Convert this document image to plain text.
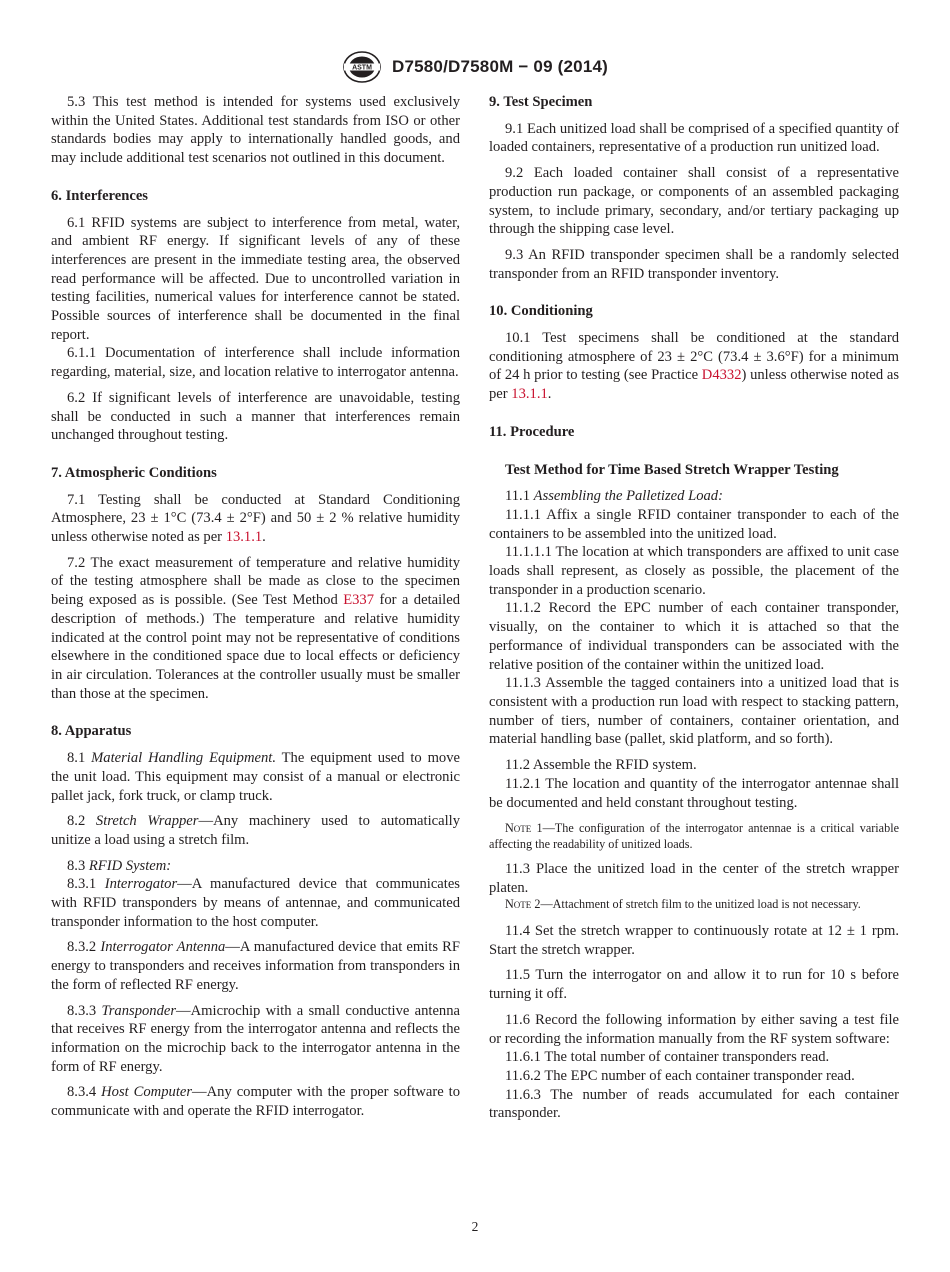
ASTM D7580/D7580M − 09 (2014)

5.3 This test method is intended for systems used exclusively within the United States. Additional test standards from ISO or other standards bodies may apply to internationally handled goods, and may include additional test scenarios not outlined in this document.

6. Interferences

6.1 RFID systems are subject to interference from metal, water, and ambient RF energy. If significant levels of any of these interferences are present in the immediate testing area, the observed read performance will be affected. Due to uncontrolled variation in testing facilities, numerical values for interference cannot be stated. Possible sources of interference shall be documented in the final report.

6.1.1 Documentation of interference shall include information regarding, material, size, and location relative to interrogator antenna.

6.2 If significant levels of interference are unavoidable, testing shall be conducted in such a manner that interferences remain unchanged throughout testing.

7. Atmospheric Conditions

7.1 Testing shall be conducted at Standard Conditioning Atmosphere, 23 ± 1°C (73.4 ± 2°F) and 50 ± 2 % relative humidity unless otherwise noted as per 13.1.1.

7.2 The exact measurement of temperature and relative humidity of the testing atmosphere shall be made as close to the specimen being exposed as is possible. (See Test Method E337 for a detailed description of methods.) The temperature and relative humidity indicated at the control point may not be representative of conditions elsewhere in the conditioned space due to local effects or deficiency in air circulation. Tolerances at the controller usually must be smaller than those at the specimen.

8. Apparatus

8.1 Material Handling Equipment. The equipment used to move the unit load. This equipment may consist of a manual or electronic pallet jack, fork truck, or clamp truck.

8.2 Stretch Wrapper—Any machinery used to automatically unitize a load using a stretch film.

8.3 RFID System:

8.3.1 Interrogator—A manufactured device that communicates with RFID transponders by means of antennae, and communicated transponder information to the host computer.

8.3.2 Interrogator Antenna—A manufactured device that emits RF energy to transponders and receives information from transponders in the form of reflected RF energy.

8.3.3 Transponder—Amicrochip with a small conductive antenna that receives RF energy from the interrogator antenna and reflects the information on the microchip back to the interrogator antenna in the form of RF energy.

8.3.4 Host Computer—Any computer with the proper software to communicate with and operate the RFID interrogator.

9. Test Specimen

9.1 Each unitized load shall be comprised of a specified quantity of loaded containers, representative of a production run unitized load.

9.2 Each loaded container shall consist of a representative production run package, or components of an assembled packaging system, to include primary, secondary, and/or tertiary packaging up through the shipping case level.

9.3 An RFID transponder specimen shall be a randomly selected transponder from an RFID transponder inventory.

10. Conditioning

10.1 Test specimens shall be conditioned at the standard conditioning atmosphere of 23 ± 2°C (73.4 ± 3.6°F) for a minimum of 24 h prior to testing (see Practice D4332) unless otherwise noted as per 13.1.1.

11. Procedure
Test Method for Time Based Stretch Wrapper Testing

11.1 Assembling the Palletized Load:

11.1.1 Affix a single RFID container transponder to each of the containers to be assembled into the unitized load.

11.1.1.1 The location at which transponders are affixed to unit case loads shall represent, as closely as possible, the placement of the transponder in a production scenario.

11.1.2 Record the EPC number of each container transponder, visually, on the container to which it is attached so that the performance of individual transponders can be associated with the relative position of the container within the unitized load.

11.1.3 Assemble the tagged containers into a unitized load that is consistent with a production run load with respect to stacking pattern, number of tiers, number of containers, container orientation, and material handling base (pallet, skid platform, and so forth).

11.2 Assemble the RFID system.

11.2.1 The location and quantity of the interrogator antennae shall be documented and held constant throughout testing.

Note 1—The configuration of the interrogator antennae is a critical variable affecting the readability of unitized loads.

11.3 Place the unitized load in the center of the stretch wrapper platen.

Note 2—Attachment of stretch film to the unitized load is not necessary.

11.4 Set the stretch wrapper to continuously rotate at 12 ± 1 rpm. Start the stretch wrapper.

11.5 Turn the interrogator on and allow it to run for 10 s before turning it off.

11.6 Record the following information by either saving a test file or recording the information manually from the RF system software:

11.6.1 The total number of container transponders read.

11.6.2 The EPC number of each container transponder read.

11.6.3 The number of reads accumulated for each container transponder.

2
